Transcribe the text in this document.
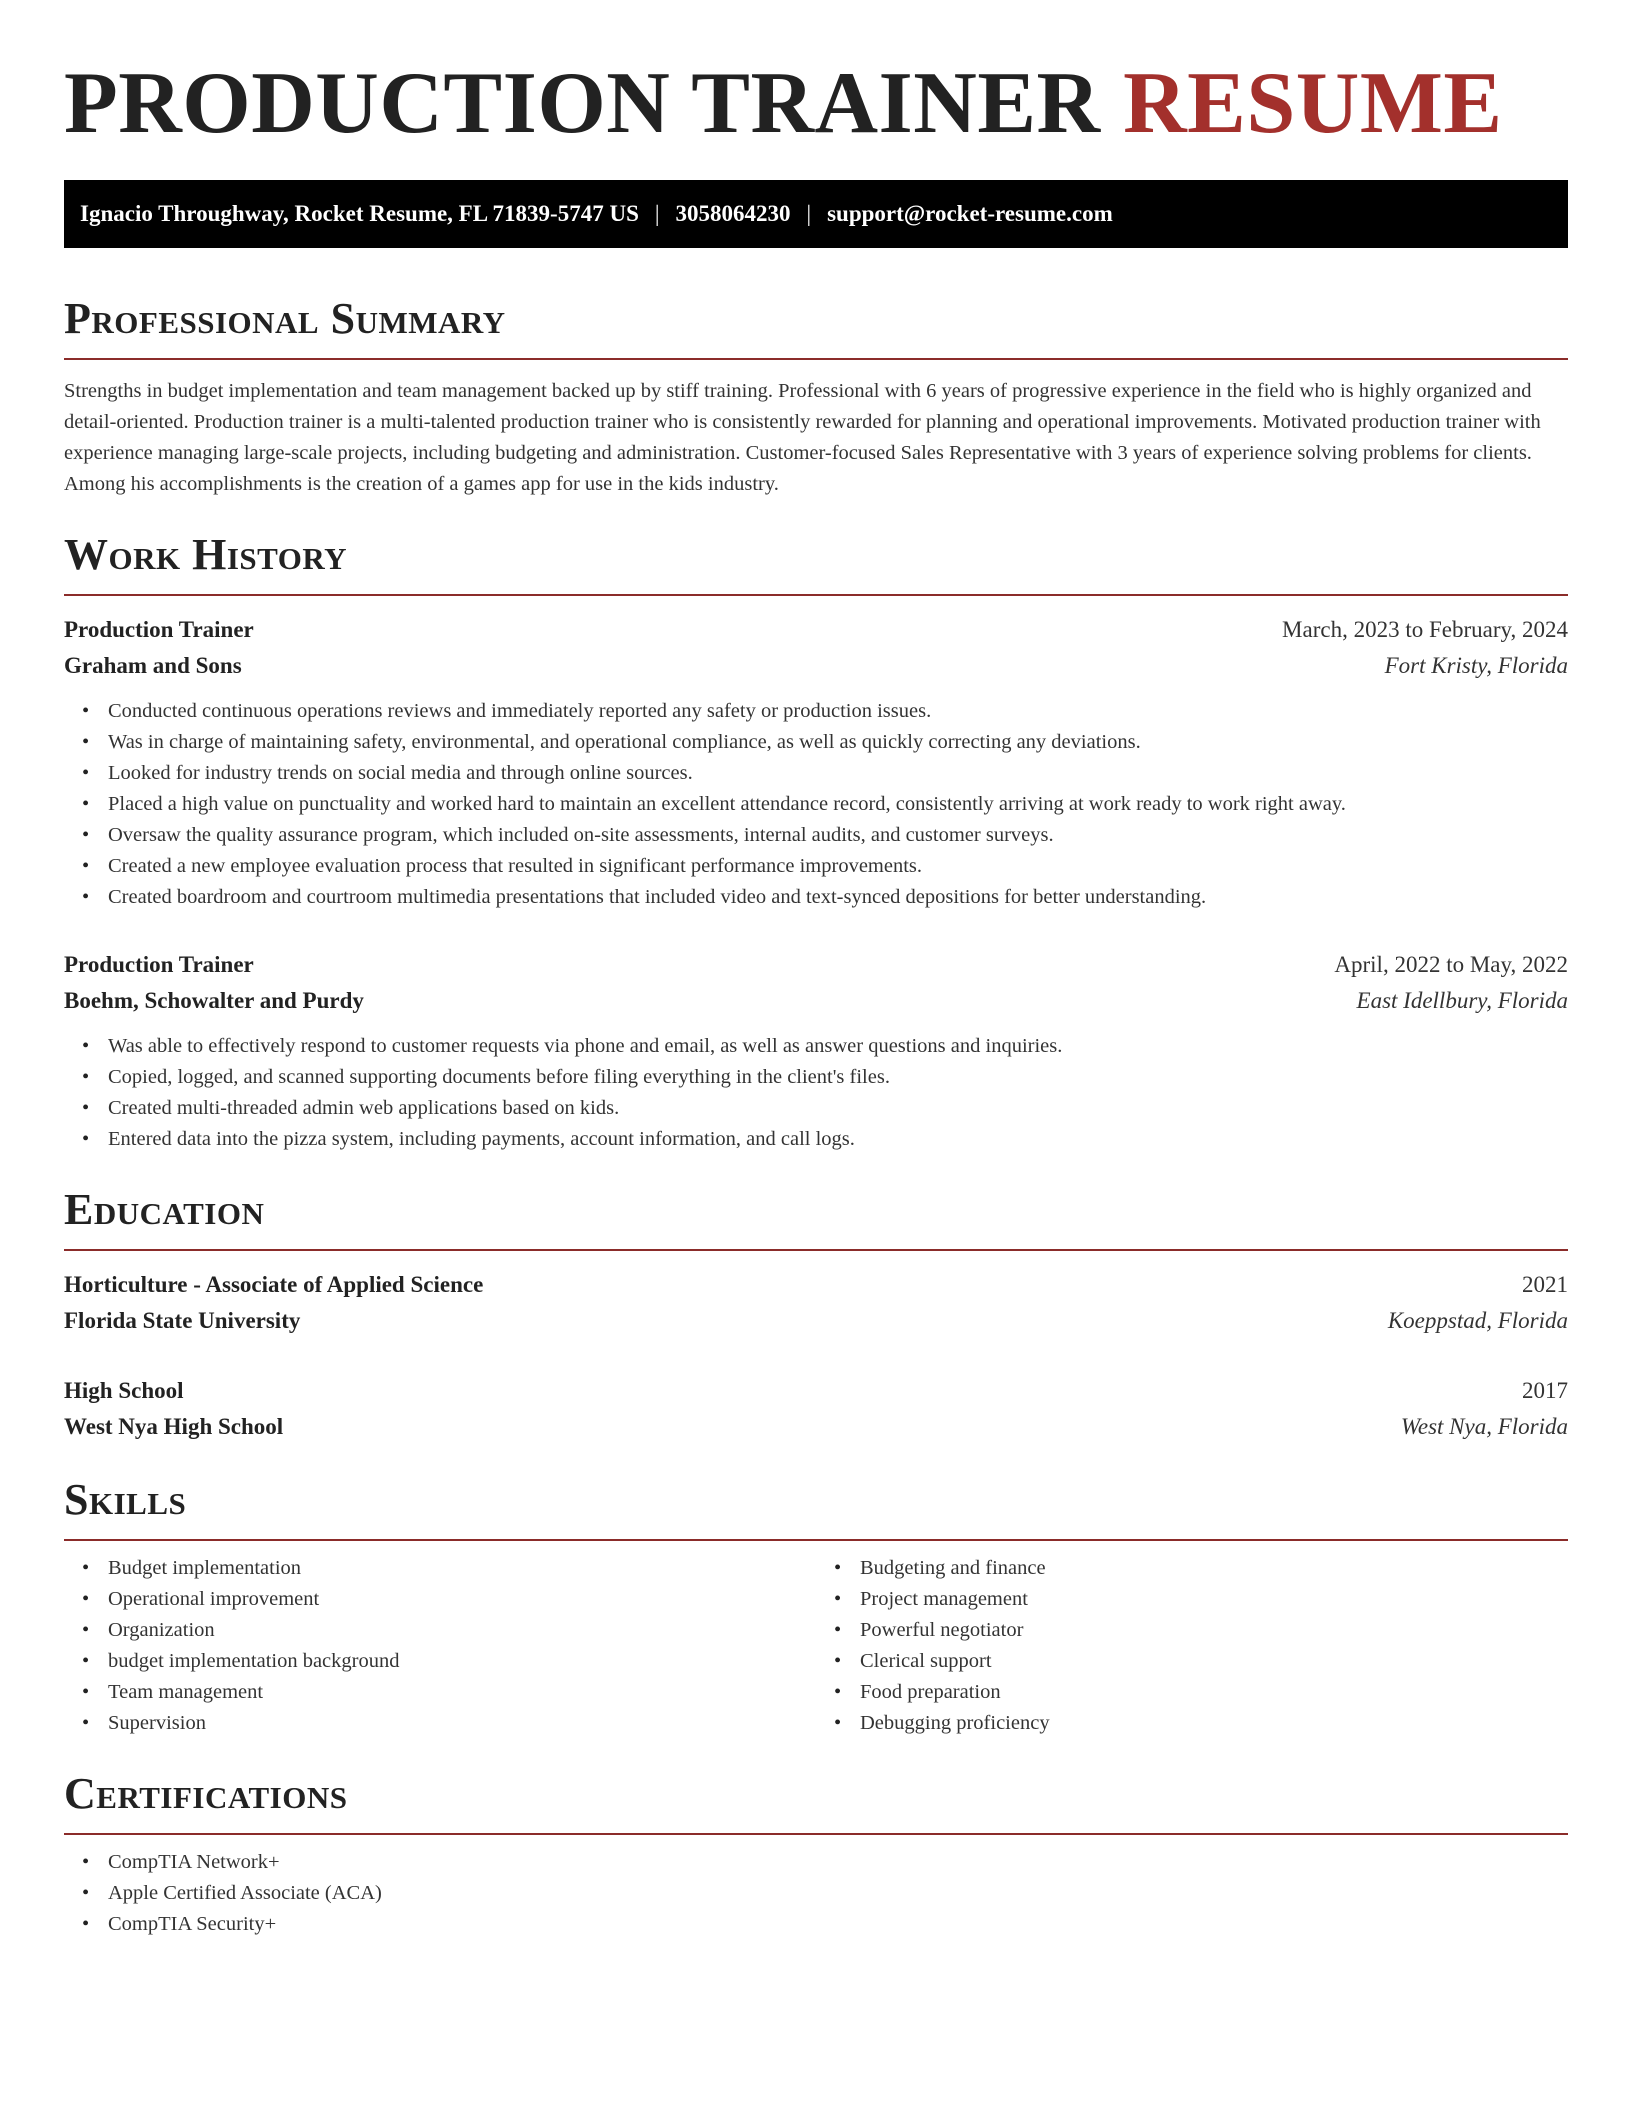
PRODUCTION TRAINER RESUME
Ignacio Throughway, Rocket Resume, FL 71839-5747 US | 3058064230 | support@rocket-resume.com
Professional Summary

Strengths in budget implementation and team management backed up by stiff training. Professional with 6 years of progressive experience in the field who is highly organized and detail-oriented. Production trainer is a multi-talented production trainer who is consistently rewarded for planning and operational improvements. Motivated production trainer with experience managing large-scale projects, including budgeting and administration. Customer-focused Sales Representative with 3 years of experience solving problems for clients. Among his accomplishments is the creation of a games app for use in the kids industry.

Work History
Production Trainer	March, 2023 to February, 2024
Graham and Sons	Fort Kristy, Florida
• Conducted continuous operations reviews and immediately reported any safety or production issues.
• Was in charge of maintaining safety, environmental, and operational compliance, as well as quickly correcting any deviations.
• Looked for industry trends on social media and through online sources.
• Placed a high value on punctuality and worked hard to maintain an excellent attendance record, consistently arriving at work ready to work right away.
• Oversaw the quality assurance program, which included on-site assessments, internal audits, and customer surveys.
• Created a new employee evaluation process that resulted in significant performance improvements.
• Created boardroom and courtroom multimedia presentations that included video and text-synced depositions for better understanding.
Production Trainer	April, 2022 to May, 2022
Boehm, Schowalter and Purdy	East Idellbury, Florida
• Was able to effectively respond to customer requests via phone and email, as well as answer questions and inquiries.
• Copied, logged, and scanned supporting documents before filing everything in the client's files.
• Created multi-threaded admin web applications based on kids.
• Entered data into the pizza system, including payments, account information, and call logs.
Education
Horticulture - Associate of Applied Science	2021
Florida State University	Koeppstad, Florida
High School	2017
West Nya High School	West Nya, Florida
Skills
• Budget implementation
• Operational improvement
• Organization
• budget implementation background
• Team management
• Supervision
• Budgeting and finance
• Project management
• Powerful negotiator
• Clerical support
• Food preparation
• Debugging proficiency
Certifications
• CompTIA Network+
• Apple Certified Associate (ACA)
• CompTIA Security+
